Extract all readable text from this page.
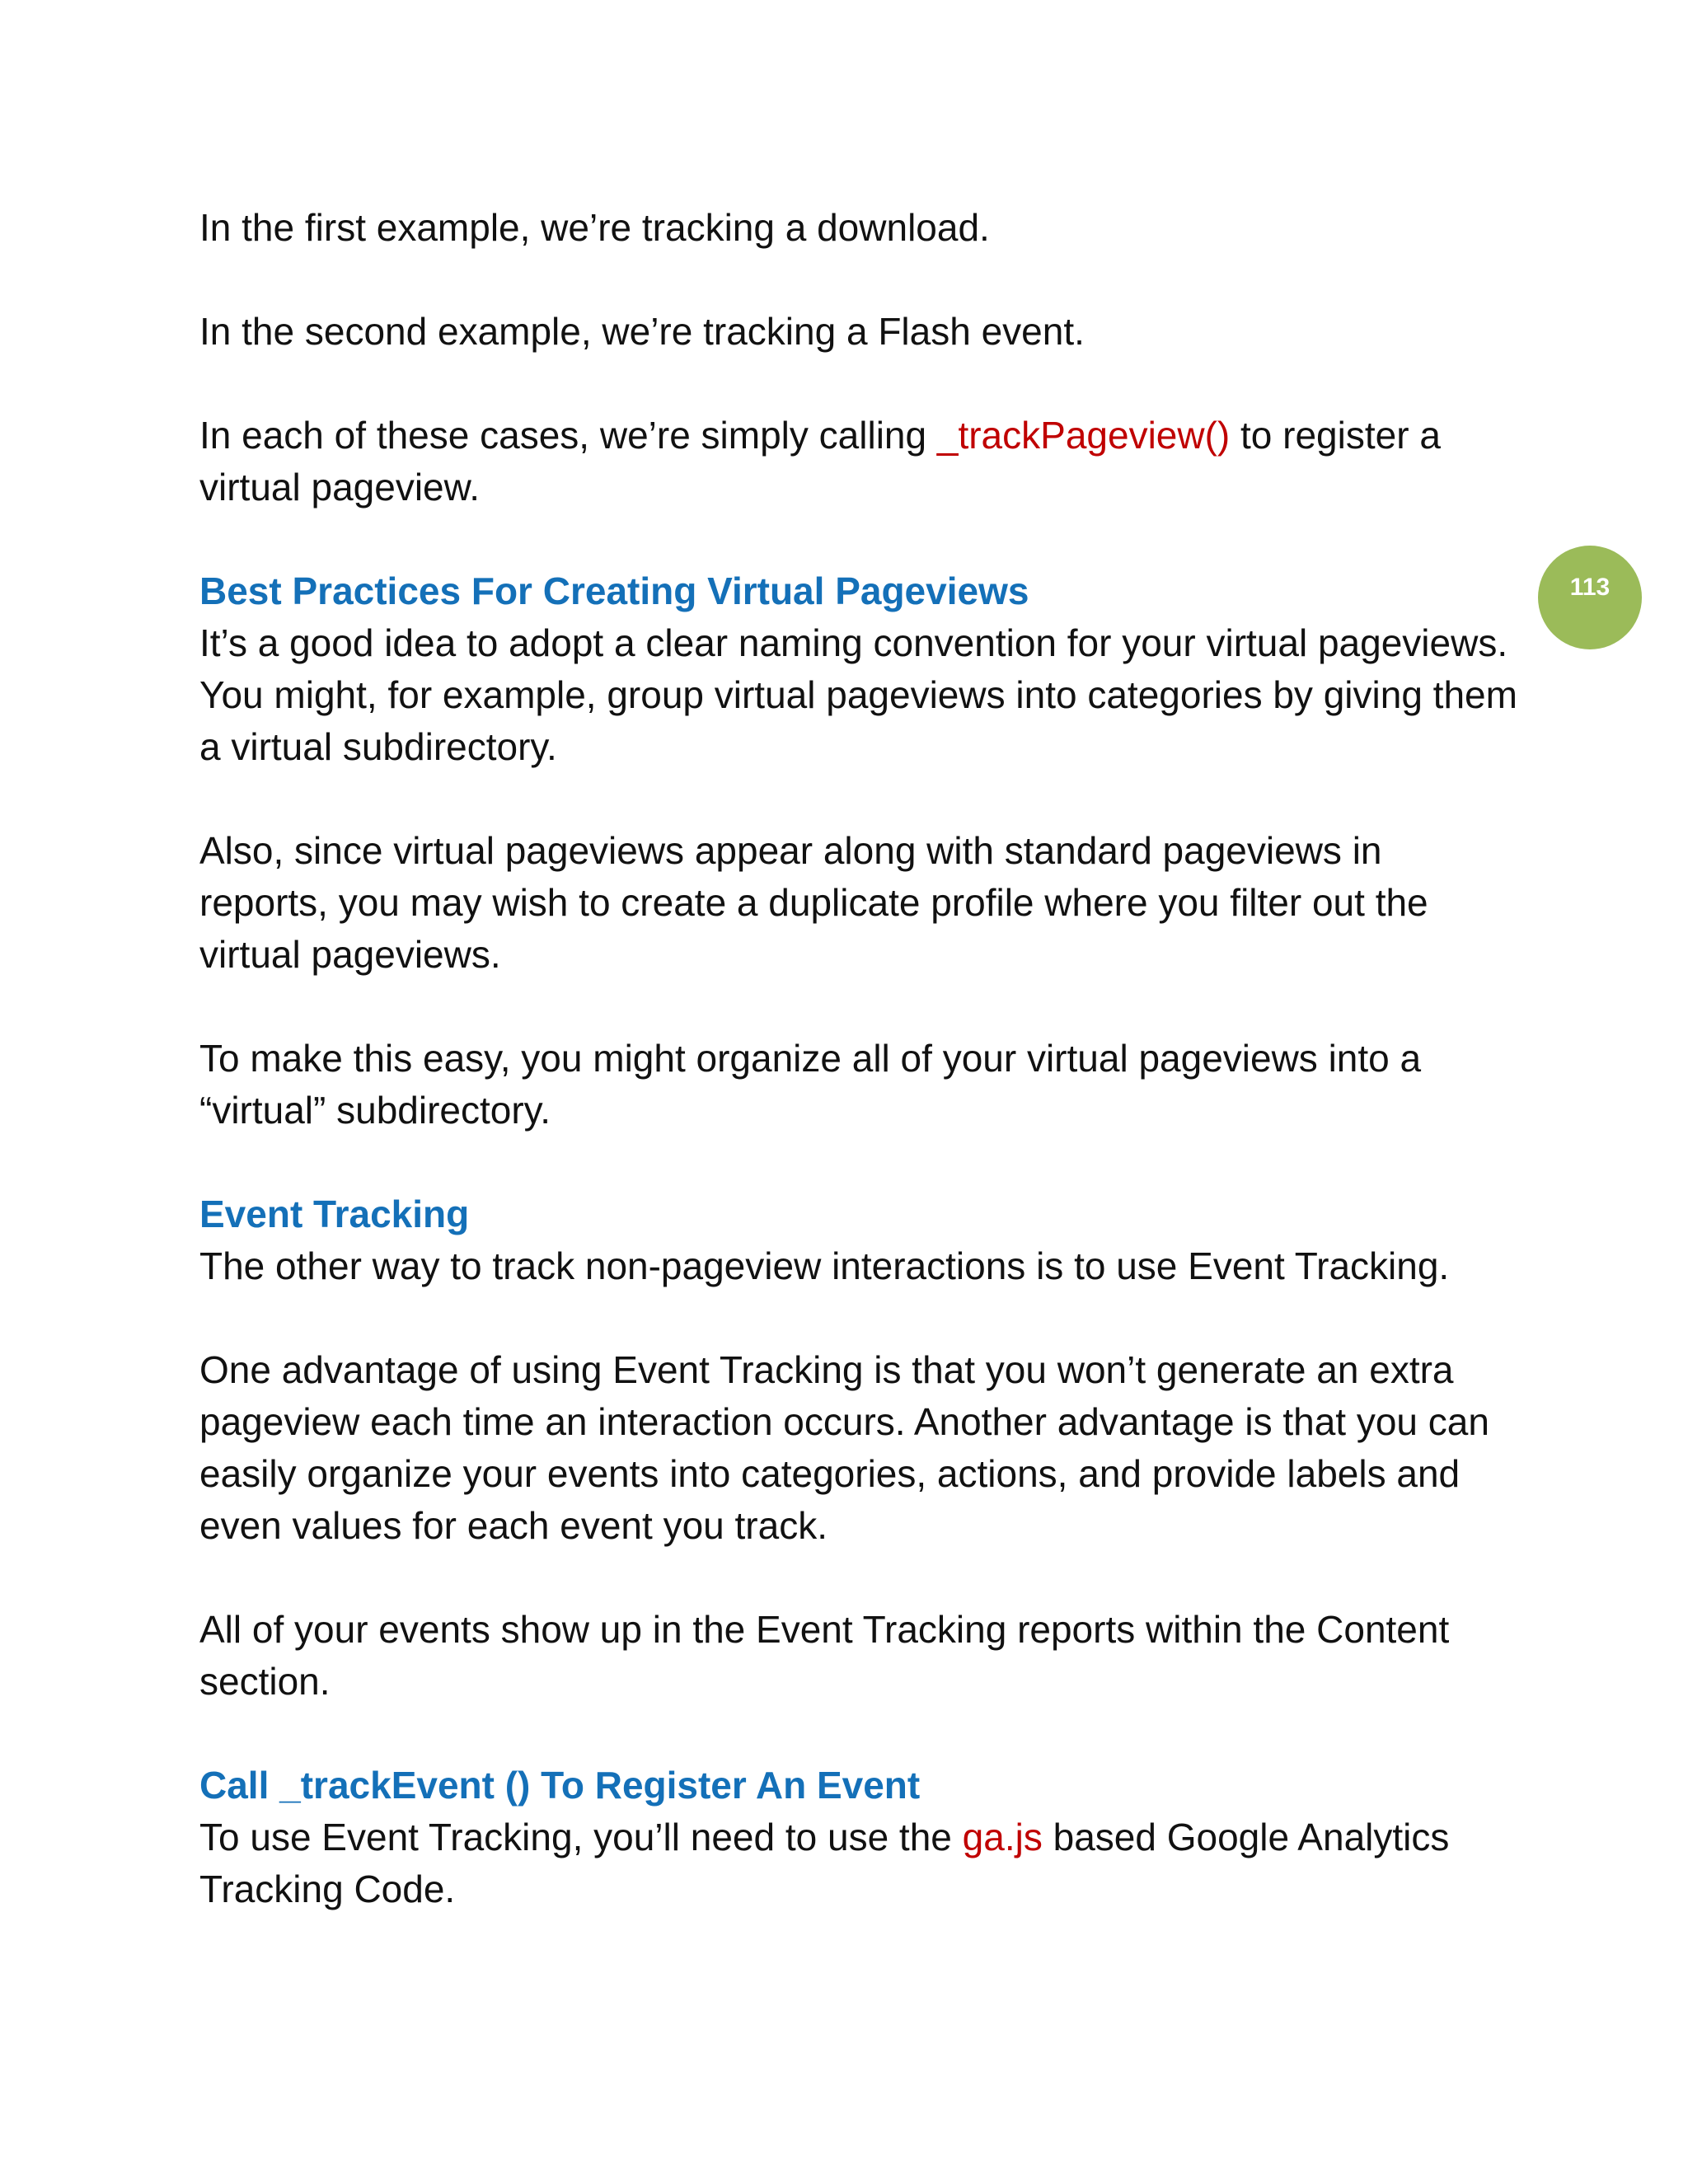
In the first example, we’re tracking a download.

In the second example, we’re tracking a Flash event.

In each of these cases, we’re simply calling _trackPageview() to register a virtual pageview.

Best Practices For Creating Virtual Pageviews

It’s a good idea to adopt a clear naming convention for your virtual pageviews. You might, for example, group virtual pageviews into categories by giving them a virtual subdirectory.

Also, since virtual pageviews appear along with standard pageviews in reports, you may wish to create a duplicate profile where you filter out the virtual pageviews.

To make this easy, you might organize all of your virtual pageviews into a “virtual” subdirectory.

Event Tracking

The other way to track non-pageview interactions is to use Event Tracking.

One advantage of using Event Tracking is that you won’t generate an extra pageview each time an interaction occurs. Another advantage is that you can easily organize your events into categories, actions, and provide labels and even values for each event you track.

All of your events show up in the Event Tracking reports within the Content section.

Call _trackEvent () To Register An Event

To use Event Tracking, you’ll need to use the ga.js based Google Analytics Tracking Code.

113
